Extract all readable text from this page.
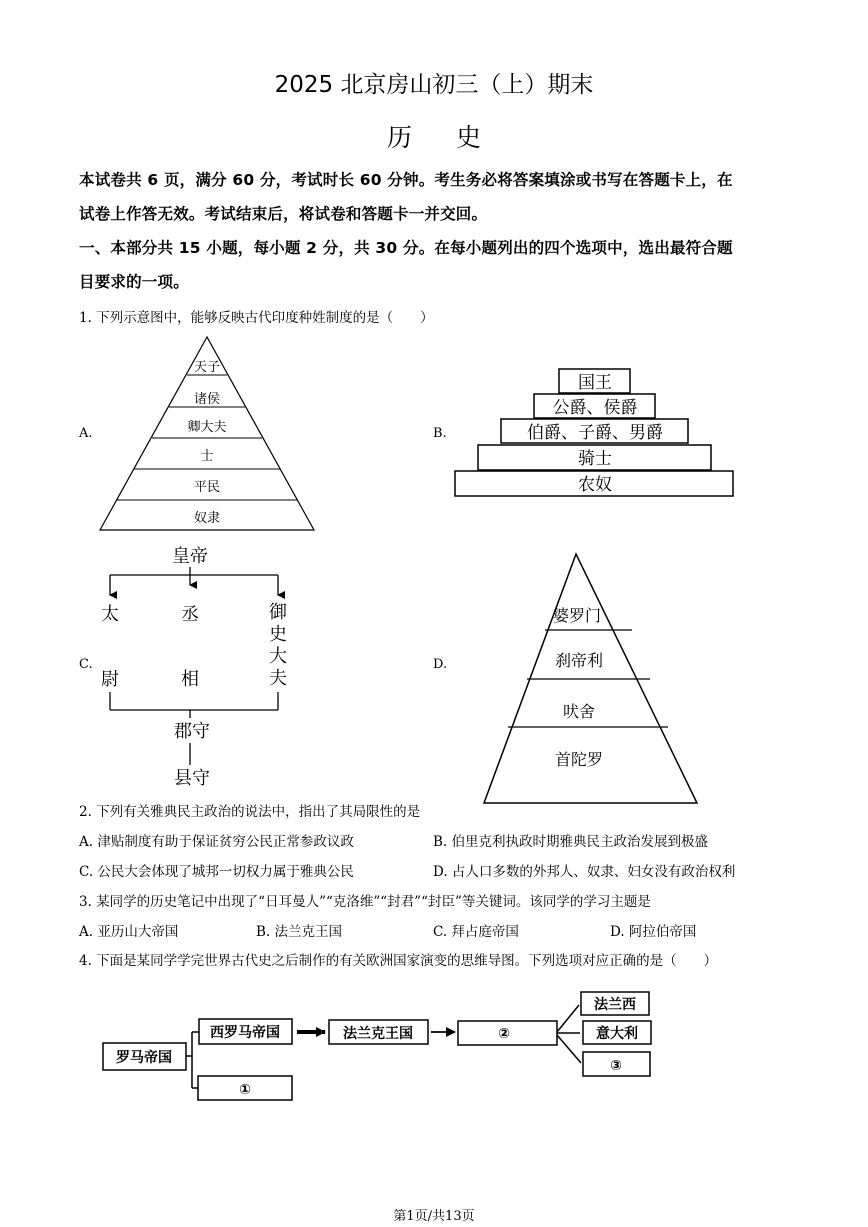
2025 北京房山初三（上）期末
历 史
本试卷共 6 页，满分 60 分，考试时长 60 分钟。考生务必将答案填涂或书写在答题卡上，在
试卷上作答无效。考试结束后，将试卷和答题卡一并交回。
一、本部分共 15 小题，每小题 2 分，共 30 分。在每小题列出的四个选项中，选出最符合题
目要求的一项。
1. 下列示意图中，能够反映古代印度种姓制度的是（　　）
A.	B.
C.	D.
天子
诸侯
卿大夫
士
平民
奴隶
国王
公爵、侯爵
伯爵、子爵、男爵
骑士
农奴
皇帝
太
尉
丞
相
御
史
大
夫
郡守
县守
婆罗门
刹帝利
吠舍
首陀罗
2. 下列有关雅典民主政治的说法中，指出了其局限性的是
A. 津贴制度有助于保证贫穷公民正常参政议政	B. 伯里克利执政时期雅典民主政治发展到极盛
C. 公民大会体现了城邦一切权力属于雅典公民	D. 占人口多数的外邦人、奴隶、妇女没有政治权利
3. 某同学的历史笔记中出现了“日耳曼人”“克洛维”“封君”“封臣”等关键词。该同学的学习主题是
A. 亚历山大帝国	B. 法兰克王国	C. 拜占庭帝国	D. 阿拉伯帝国
4. 下面是某同学学完世界古代史之后制作的有关欧洲国家演变的思维导图。下列选项对应正确的是（　　）
罗马帝国
西罗马帝国
①
法兰克王国	②
法兰西
意大利
③
第1页/共13页
